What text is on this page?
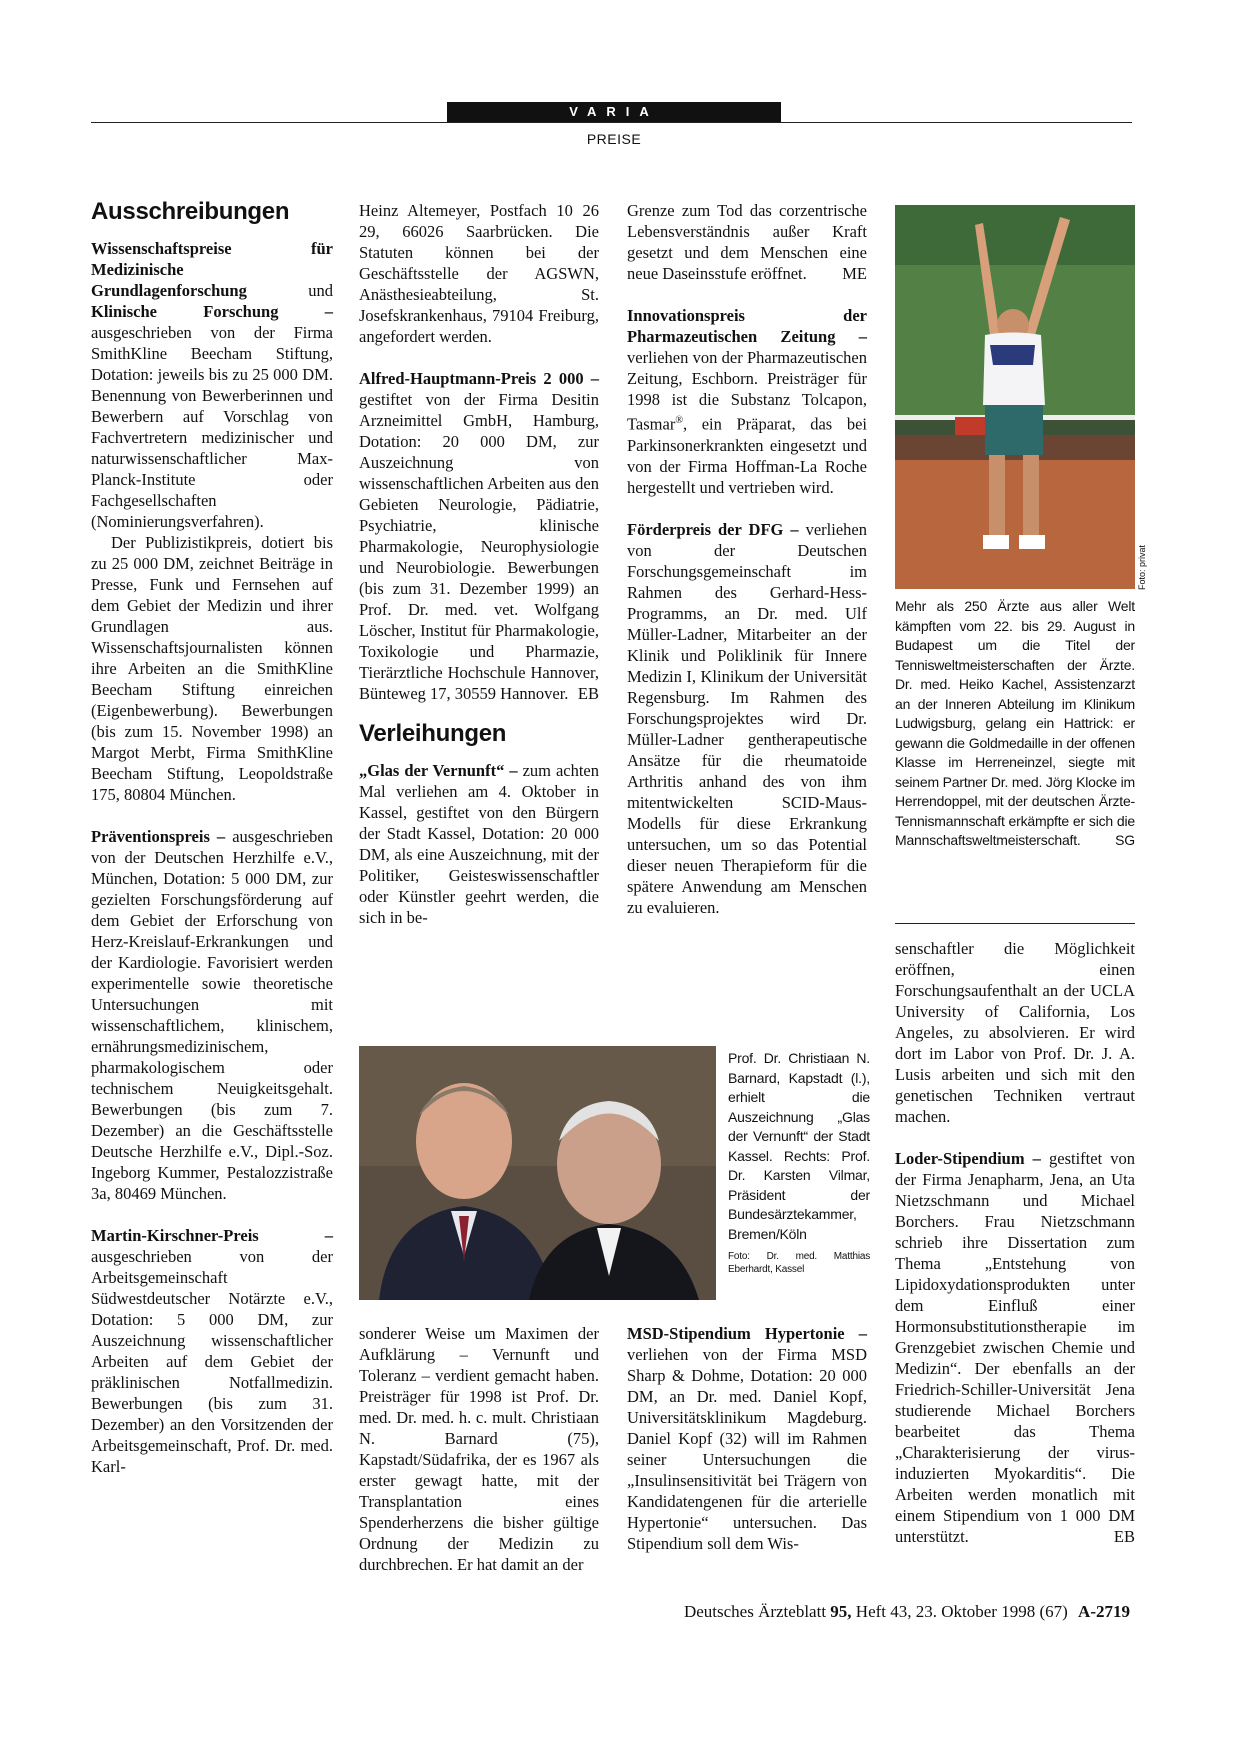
VARIA
PREISE
Ausschreibungen

Wissenschaftspreise für Medizinische Grundlagenforschung	und Klinische Forschung – ausgeschrieben von der Firma SmithKline Beecham Stiftung, Dotation: jeweils bis zu 25 000 DM. Benennung von Bewerberinnen und Bewerbern auf Vorschlag von Fachvertretern medizinischer und naturwissenschaftlicher Max-Planck-Institute oder Fachgesellschaften (Nominierungsverfahren).

Der Publizistikpreis, dotiert bis zu 25 000 DM, zeichnet Beiträge in Presse, Funk und Fernsehen auf dem Gebiet der Medizin und ihrer Grundlagen aus. Wissenschaftsjournalisten können ihre Arbeiten an die SmithKline Beecham Stiftung einreichen (Eigenbewerbung). Bewerbungen (bis zum 15. November 1998) an Margot Merbt, Firma SmithKline Beecham Stiftung, Leopoldstraße 175, 80804 München.

Präventionspreis – ausgeschrieben von der Deutschen Herzhilfe e.V., München, Dotation: 5 000 DM, zur gezielten Forschungsförderung auf dem Gebiet der Erforschung von Herz-Kreislauf-Erkrankungen und der Kardiologie. Favorisiert werden experimentelle sowie theoretische Untersuchungen mit wissenschaftlichem, klinischem, ernährungsmedizinischem, pharmakologischem oder technischem Neuigkeitsgehalt. Bewerbungen (bis zum 7. Dezember) an die Geschäftsstelle Deutsche Herzhilfe e.V., Dipl.-Soz. Ingeborg Kummer, Pestalozzistraße 3a, 80469 München.

Martin-Kirschner-Preis – ausgeschrieben von der Arbeitsgemeinschaft Südwestdeutscher Notärzte e.V., Dotation: 5 000 DM, zur Auszeichnung wissenschaftlicher Arbeiten auf dem Gebiet der präklinischen Notfallmedizin. Bewerbungen (bis zum 31. Dezember) an den Vorsitzenden der Arbeitsgemeinschaft, Prof. Dr. med. Karl-

Heinz Altemeyer, Postfach 10 26 29, 66026 Saarbrücken. Die Statuten können bei der Geschäftsstelle der AGSWN, Anästhesieabteilung, St. Josefskrankenhaus, 79104 Freiburg, angefordert werden.

Alfred-Hauptmann-Preis 2 000 – gestiftet von der Firma Desitin Arzneimittel GmbH, Hamburg, Dotation: 20 000 DM, zur Auszeichnung von wissenschaftlichen Arbeiten aus den Gebieten Neurologie, Pädiatrie, Psychiatrie, klinische Pharmakologie, Neurophysiologie und Neurobiologie. Bewerbungen (bis zum 31. Dezember 1999) an Prof. Dr. med. vet. Wolfgang Löscher, Institut für Pharmakologie, Toxikologie und Pharmazie, Tierärztliche Hochschule Hannover, Bünteweg 17, 30559 Hannover. EB

Verleihungen

„Glas der Vernunft“ – zum achten Mal verliehen am 4. Oktober in Kassel, gestiftet von den Bürgern der Stadt Kassel, Dotation: 20 000 DM, als eine Auszeichnung, mit der Politiker, Geisteswissenschaftler oder Künstler geehrt werden, die sich in be-

Grenze zum Tod das corzentrische Lebensverständnis außer Kraft gesetzt und dem Menschen eine neue Daseinsstufe eröffnet. ME

Innovationspreis der Pharmazeutischen Zeitung – verliehen von der Pharmazeutischen Zeitung, Eschborn. Preisträger für 1998 ist die Substanz Tolcapon, Tasmar®, ein Präparat, das bei Parkinsonerkrankten eingesetzt und von der Firma Hoffman-La Roche hergestellt und vertrieben wird.

Förderpreis der DFG – verliehen von der Deutschen Forschungsgemeinschaft im Rahmen des Gerhard-Hess-Programms, an Dr. med. Ulf Müller-Ladner, Mitarbeiter an der Klinik und Poliklinik für Innere Medizin I, Klinikum der Universität Regensburg. Im Rahmen des Forschungsprojektes wird Dr. Müller-Ladner gentherapeutische Ansätze für die rheumatoide Arthritis anhand des von ihm mitentwickelten SCID-Maus-Modells für diese Erkrankung untersuchen, um so das Potential dieser neuen Therapieform für die spätere Anwendung am Menschen zu evaluieren.

Prof. Dr. Christiaan N. Barnard, Kapstadt (l.), erhielt die Auszeichnung „Glas der Vernunft“ der Stadt Kassel. Rechts: Prof. Dr. Karsten Vilmar, Präsident der Bundesärztekammer, Bremen/Köln
Foto: Dr. med. Matthias Eberhardt, Kassel

sonderer Weise um Maximen der Aufklärung – Vernunft und Toleranz – verdient gemacht haben. Preisträger für 1998 ist Prof. Dr. med. Dr. med. h. c. mult. Christiaan N. Barnard (75), Kapstadt/Südafrika, der es 1967 als erster gewagt hatte, mit der Transplantation eines Spenderherzens die bisher gültige Ordnung der Medizin zu durchbrechen. Er hat damit an der

MSD-Stipendium Hypertonie – verliehen von der Firma MSD Sharp & Dohme, Dotation: 20 000 DM, an Dr. med. Daniel Kopf, Universitätsklinikum Magdeburg. Daniel Kopf (32) will im Rahmen seiner Untersuchungen die „Insulinsensitivität bei Trägern von Kandidatengenen für die arterielle Hypertonie“ untersuchen. Das Stipendium soll dem Wis-

Foto: privat
Mehr als 250 Ärzte aus aller Welt kämpften vom 22. bis 29. August in Budapest um die Titel der Tennisweltmeisterschaften der Ärzte. Dr. med. Heiko Kachel, Assistenzarzt an der Inneren Abteilung im Klinikum Ludwigsburg, gelang ein Hattrick: er gewann die Goldmedaille in der offenen Klasse im Herreneinzel, siegte mit seinem Partner Dr. med. Jörg Klocke im Herrendoppel, mit der deutschen Ärzte-Tennismannschaft erkämpfte er sich die Mannschaftsweltmeisterschaft. SG

senschaftler die Möglichkeit eröffnen, einen Forschungsaufenthalt an der UCLA University of California, Los Angeles, zu absolvieren. Er wird dort im Labor von Prof. Dr. J. A. Lusis arbeiten und sich mit den genetischen Techniken vertraut machen.

Loder-Stipendium – gestiftet von der Firma Jenapharm, Jena, an Uta Nietzschmann und Michael Borchers. Frau Nietzschmann schrieb ihre Dissertation zum Thema „Entstehung von Lipidoxydationsprodukten unter dem Einfluß einer Hormonsubstitutionstherapie im Grenzgebiet zwischen Chemie und Medizin“. Der ebenfalls an der Friedrich-Schiller-Universität Jena studierende Michael Borchers bearbeitet das Thema „Charakterisierung der virus-induzierten Myokarditis“. Die Arbeiten werden monatlich mit einem Stipendium von 1 000 DM unterstützt.	EB

Deutsches Ärzteblatt 95, Heft 43, 23. Oktober 1998 (67) A-2719
